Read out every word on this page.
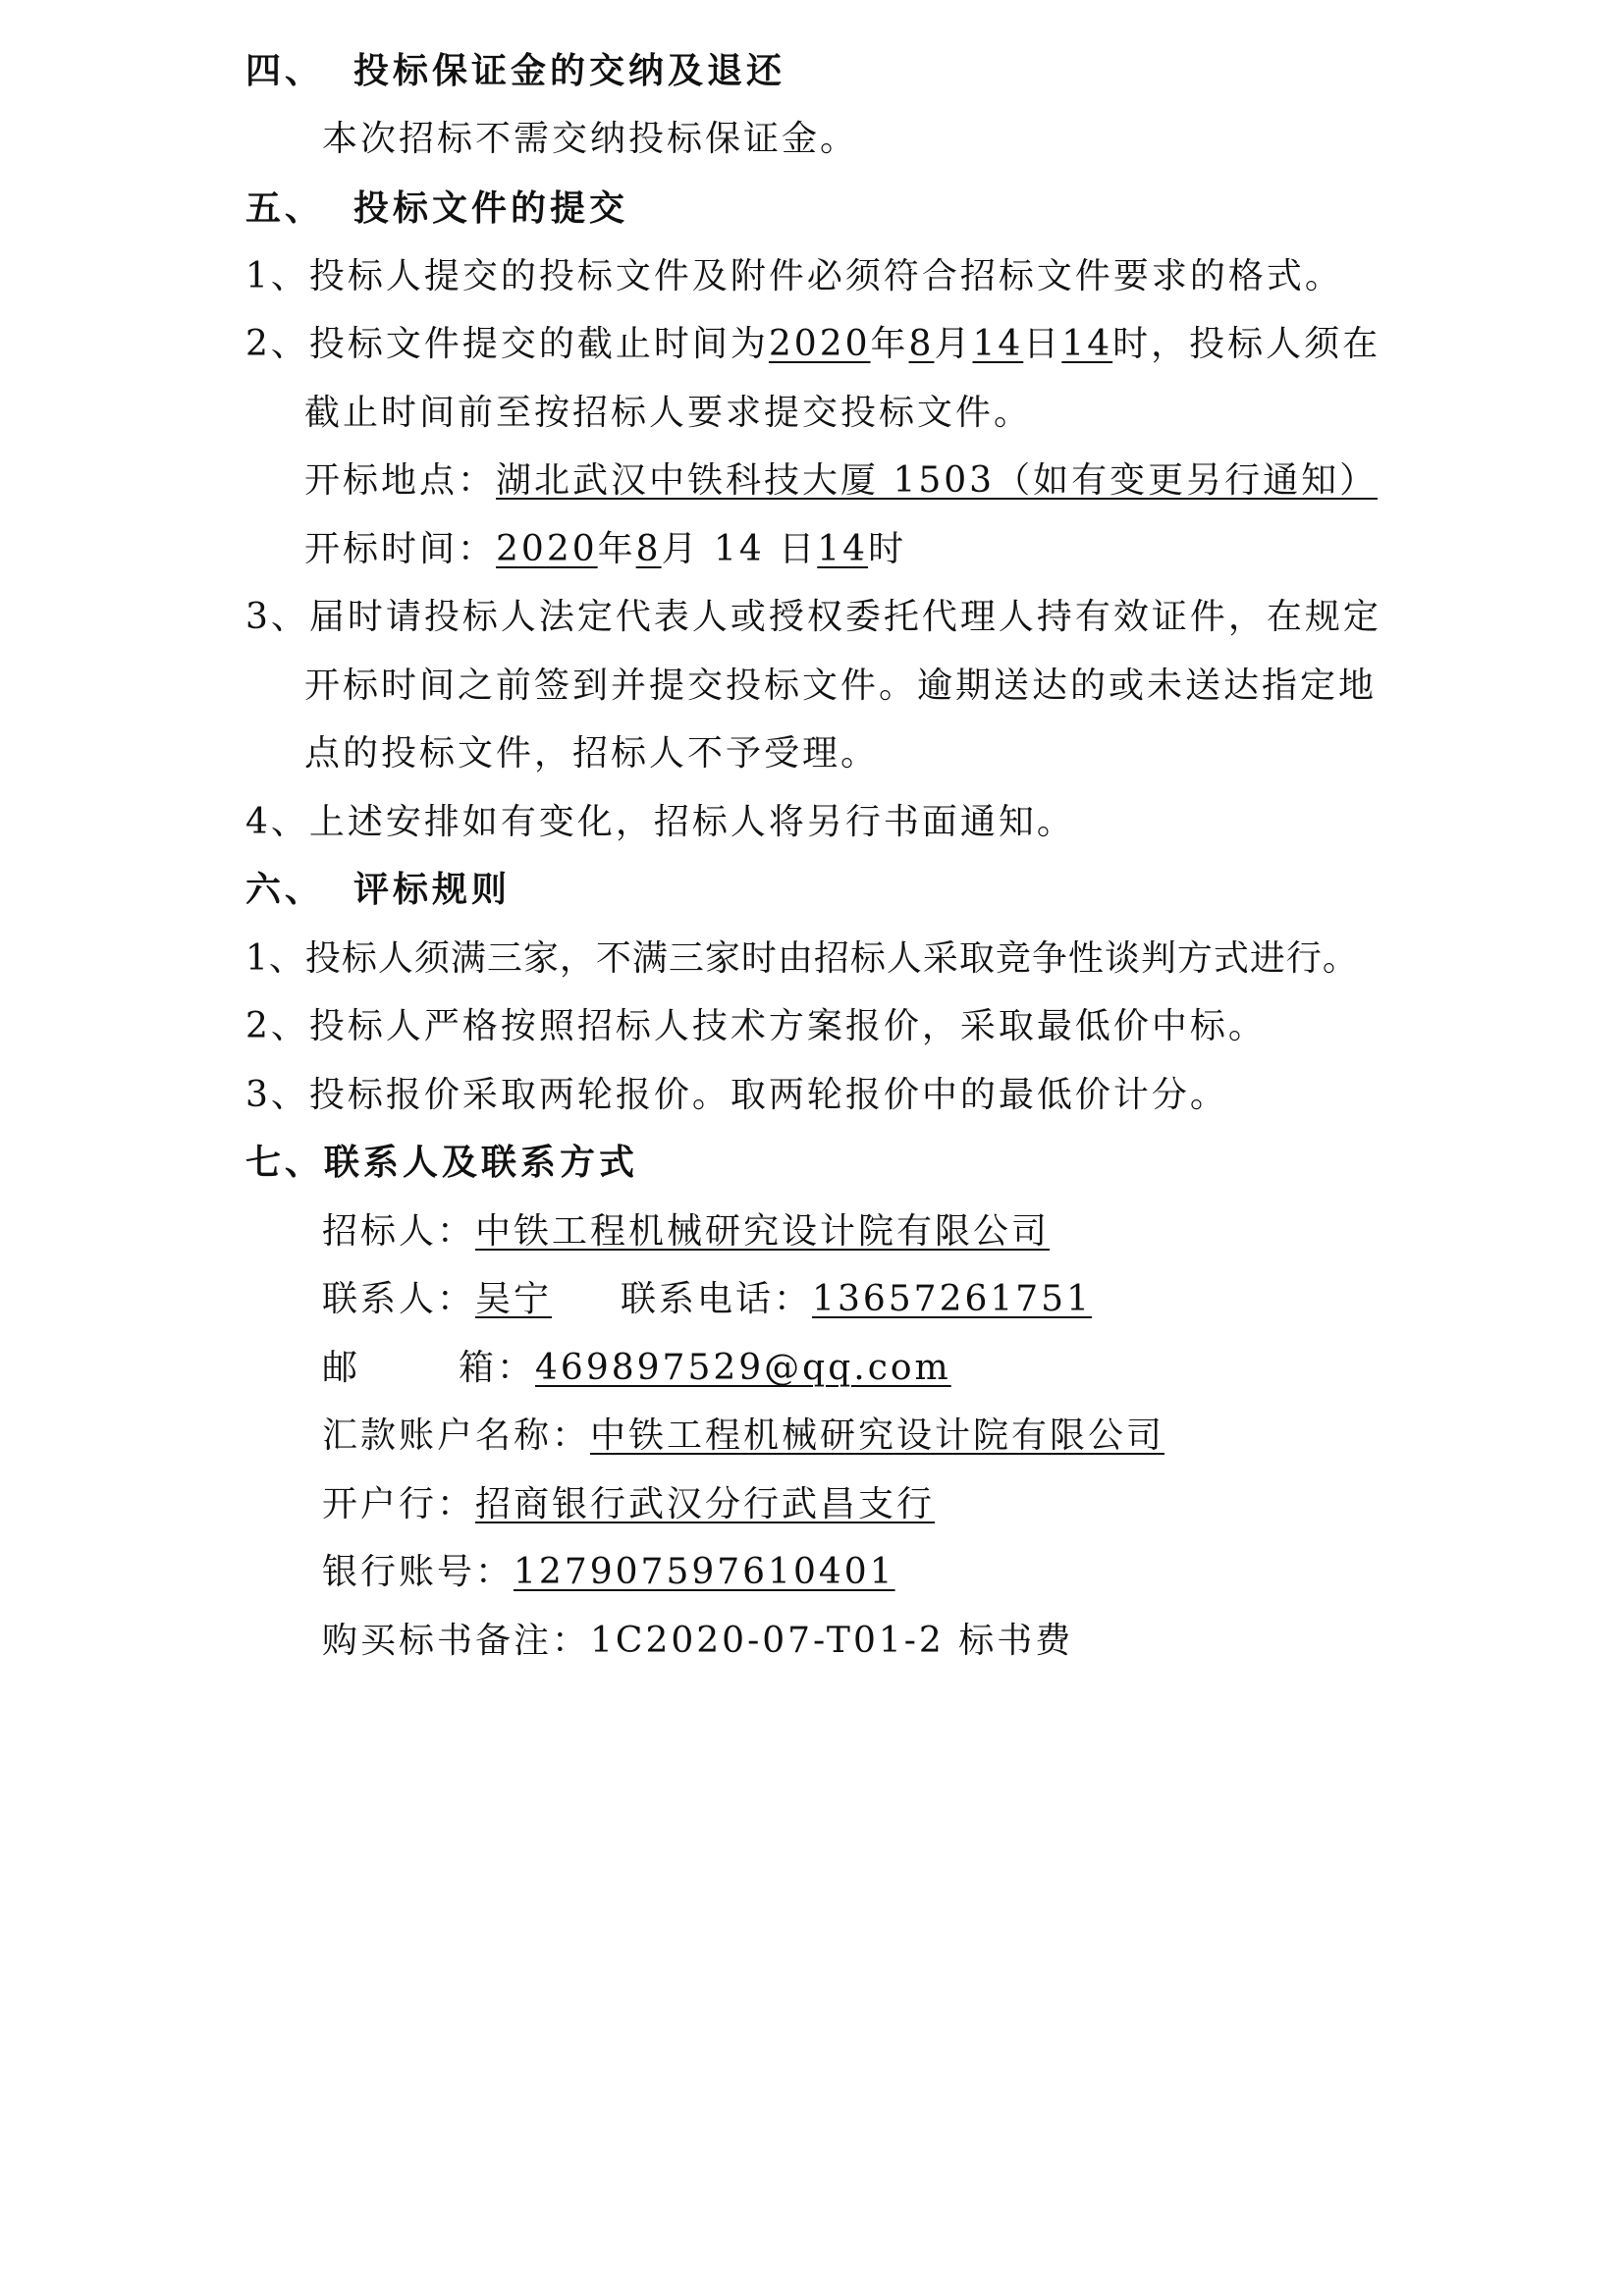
四、 投标保证金的交纳及退还
本次招标不需交纳投标保证金。
五、 投标文件的提交
1、投标人提交的投标文件及附件必须符合招标文件要求的格式。
2、投标文件提交的截止时间为2020年8月14日14时，投标人须在
截止时间前至按招标人要求提交投标文件。
开标地点：湖北武汉中铁科技大厦 1503（如有变更另行通知）
开标时间：2020年8月 14 日14时
3、届时请投标人法定代表人或授权委托代理人持有效证件，在规定
开标时间之前签到并提交投标文件。逾期送达的或未送达指定地
点的投标文件，招标人不予受理。
4、上述安排如有变化，招标人将另行书面通知。
六、 评标规则
1、投标人须满三家，不满三家时由招标人采取竞争性谈判方式进行。
2、投标人严格按照招标人技术方案报价，采取最低价中标。
3、投标报价采取两轮报价。取两轮报价中的最低价计分。
七、联系人及联系方式
招标人：中铁工程机械研究设计院有限公司
联系人：吴宁 联系电话：13657261751
邮	箱：469897529@qq.com
汇款账户名称：中铁工程机械研究设计院有限公司
开户行：招商银行武汉分行武昌支行
银行账号：127907597610401
购买标书备注：1C2020-07-T01-2 标书费
